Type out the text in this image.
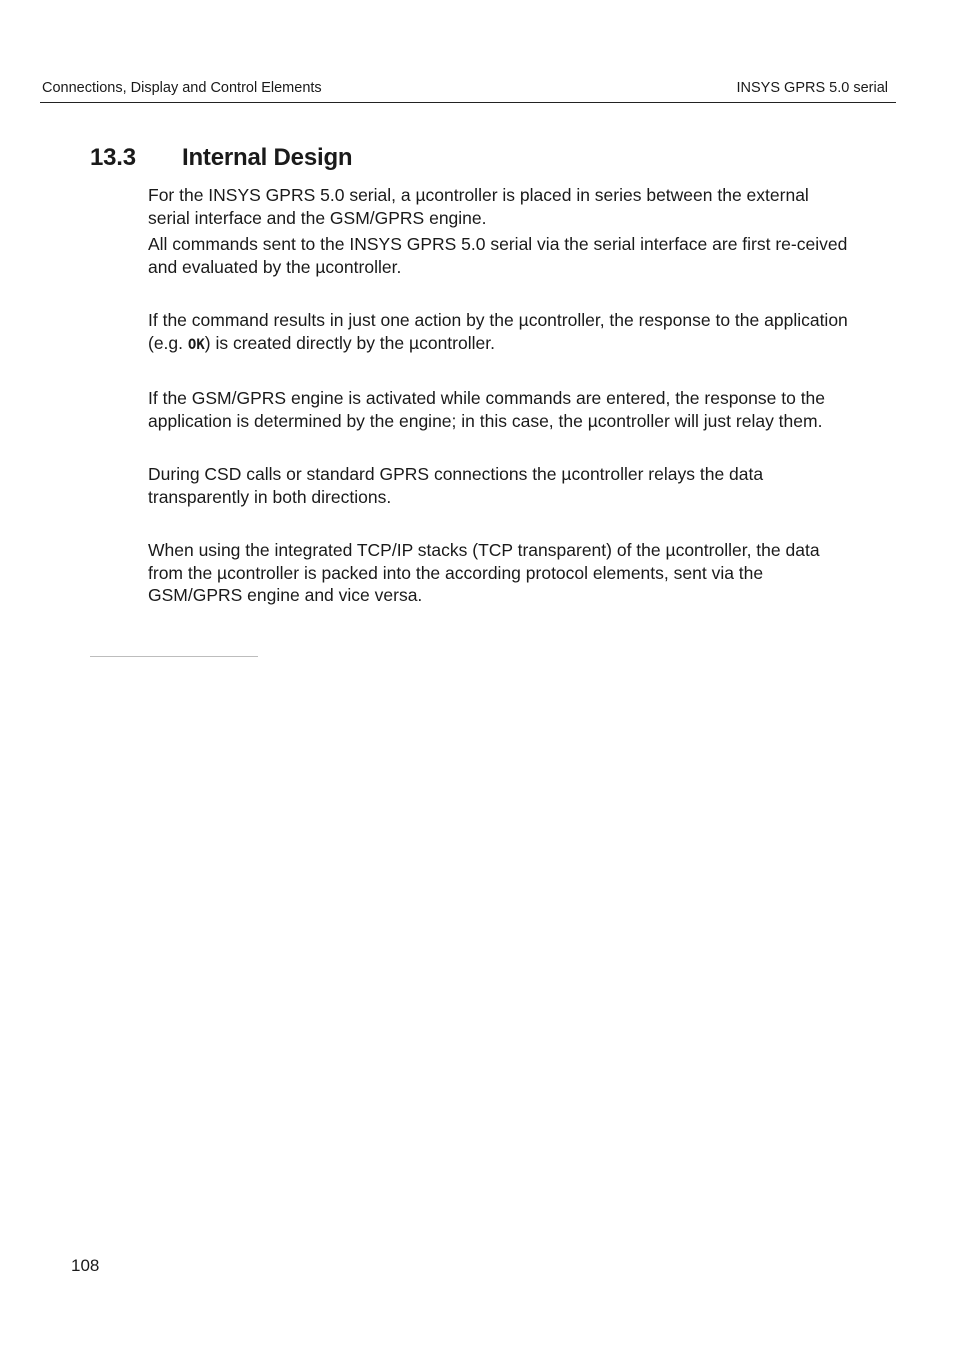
Connections, Display and Control Elements	INSYS GPRS 5.0 serial
13.3 Internal Design

For the INSYS GPRS 5.0 serial, a µcontroller is placed in series between the external serial interface and the GSM/GPRS engine.

All commands sent to the INSYS GPRS 5.0 serial via the serial interface are first re-ceived and evaluated by the µcontroller.

If the command results in just one action by the µcontroller, the response to the application (e.g. OK) is created directly by the µcontroller.

If the GSM/GPRS engine is activated while commands are entered, the response to the application is determined by the engine; in this case, the µcontroller will just relay them.

During CSD calls or standard GPRS connections the µcontroller relays the data transparently in both directions.

When using the integrated TCP/IP stacks (TCP transparent) of the µcontroller, the data from the µcontroller is packed into the according protocol elements, sent via the GSM/GPRS engine and vice versa.

108
